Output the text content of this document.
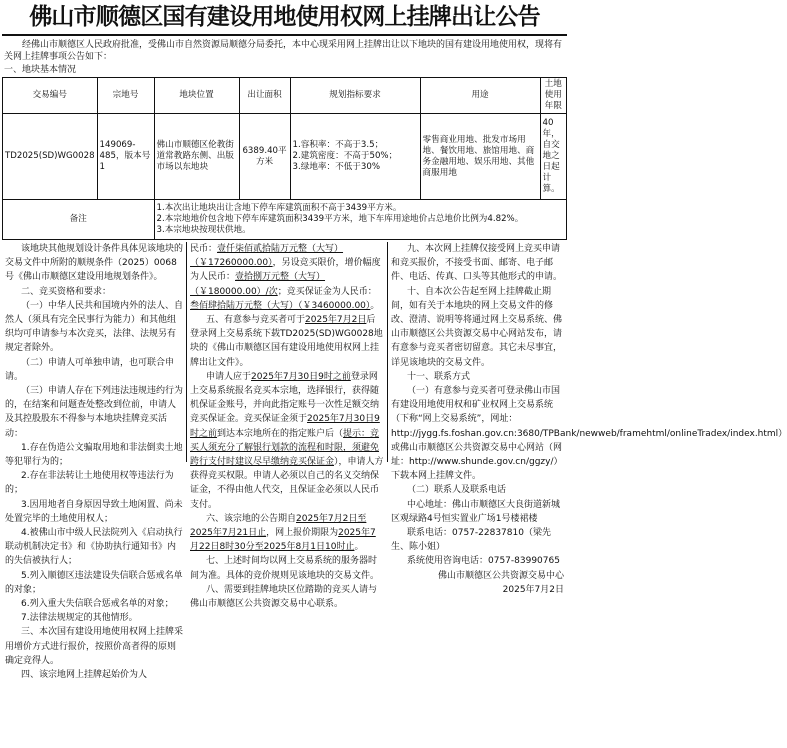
佛山市顺德区国有建设用地使用权网上挂牌出让公告
经佛山市顺德区人民政府批准，受佛山市自然资源局顺德分局委托，本中心现采用网上挂牌出让以下地块的国有建设用地使用权，现将有关网上挂牌事项公告如下：
一、地块基本情况
交易编号	宗地号	地块位置	出让面积	规划指标要求	用途	土地使用年限
TD2025(SD)WG0028	149069-485，版本号1	佛山市顺德区伦教街道常教路东侧、出版市场以东地块	6389.40平方米	1.容积率：不高于3.5；
2.建筑密度：不高于50%；
3.绿地率：不低于30%	零售商业用地、批发市场用地、餐饮用地、旅馆用地、商务金融用地、娱乐用地、其他商服用地	40年，自交地之日起计算。
备注		1.本次出让地块出让含地下停车库建筑面积不高于3439平方米。
2.本宗地地价包含地下停车库建筑面积3439平方米，地下车库用途地价占总地价比例为4.82%。
3.本宗地块按现状供地。				

该地块其他规划设计条件具体见该地块的交易文件中所附的顺规条件（2025）0068号《佛山市顺德区建设用地规划条件》。

二、竞买资格和要求：

（一）中华人民共和国境内外的法人、自然人（须具有完全民事行为能力）和其他组织均可申请参与本次竞买，法律、法规另有规定者除外。

（二）申请人可单独申请，也可联合申请。

（三）申请人存在下列违法违规违约行为的，在结案和问题查处整改到位前，申请人及其控股股东不得参与本地块挂牌竞买活动：

1.存在伪造公文骗取用地和非法倒卖土地等犯罪行为的；

2.存在非法转让土地使用权等违法行为的；

3.因用地者自身原因导致土地闲置、尚未处置完毕的土地使用权人；

4.被佛山市中级人民法院列入《启动执行联动机制决定书》和《协助执行通知书》内的失信被执行人；

5.列入顺德区违法建设失信联合惩戒名单的对象；

6.列入重大失信联合惩戒名单的对象；

7.法律法规规定的其他情形。

三、本次国有建设用地使用权网上挂牌采用增价方式进行报价，按照价高者得的原则确定竞得人。

四、该宗地网上挂牌起始价为人

民币：壹仟柒佰贰拾陆万元整（大写）（￥17260000.00），另设竞买限价，增价幅度为人民币：壹拾捌万元整（大写）（￥180000.00）/次；竞买保证金为人民币：叁佰肆拾陆万元整（大写）（￥3460000.00）。

五、有意参与竞买者可于2025年7月2日后登录网上交易系统下载TD2025(SD)WG0028地块的《佛山市顺德区国有建设用地使用权网上挂牌出让文件》。

申请人应于2025年7月30日9时之前登录网上交易系统报名竞买本宗地，选择银行，获得随机保证金账号，并向此指定账号一次性足额交纳竞买保证金。竞买保证金须于2025年7月30日9时之前到达本宗地所在的指定账户后（提示：竞买人须充分了解银行划款的流程和时限，须避免跨行支付时建议尽早缴纳竞买保证金），申请人方获得竞买权限。申请人必须以自己的名义交纳保证金，不得由他人代交，且保证金必须以人民币支付。

六、该宗地的公告期自2025年7月2日至2025年7月21日止，网上报价期限为2025年7月22日8时30分至2025年8月1日10时止。

七、上述时间均以网上交易系统的服务器时间为准。具体的竞价规则见该地块的交易文件。

八、需要到挂牌地块区位踏勘的竞买人请与佛山市顺德区公共资源交易中心联系。

九、本次网上挂牌仅接受网上竞买申请和竞买报价，不接受书面、邮寄、电子邮件、电话、传真、口头等其他形式的申请。

十、自本次公告起至网上挂牌截止期间，如有关于本地块的网上交易文件的修改、澄清、说明等将通过网上交易系统、佛山市顺德区公共资源交易中心网站发布，请有意参与竞买者密切留意。其它未尽事宜，详见该地块的交易文件。

十一、联系方式

（一）有意参与竞买者可登录佛山市国有建设用地使用权和矿业权网上交易系统（下称“网上交易系统”，网址：http://jygg.fs.foshan.gov.cn:3680/TPBank/newweb/framehtml/onlineTradex/index.html）或佛山市顺德区公共资源交易中心网站（网址：http://www.shunde.gov.cn/ggzy/）下载本网上挂牌文件。

（二）联系人及联系电话

中心地址：佛山市顺德区大良街道新城区观绿路4号恒实置业广场1号楼裙楼

联系电话：0757-22837810（梁先生、陈小姐）

系统使用咨询电话：0757-83990765

佛山市顺德区公共资源交易中心

2025年7月2日
